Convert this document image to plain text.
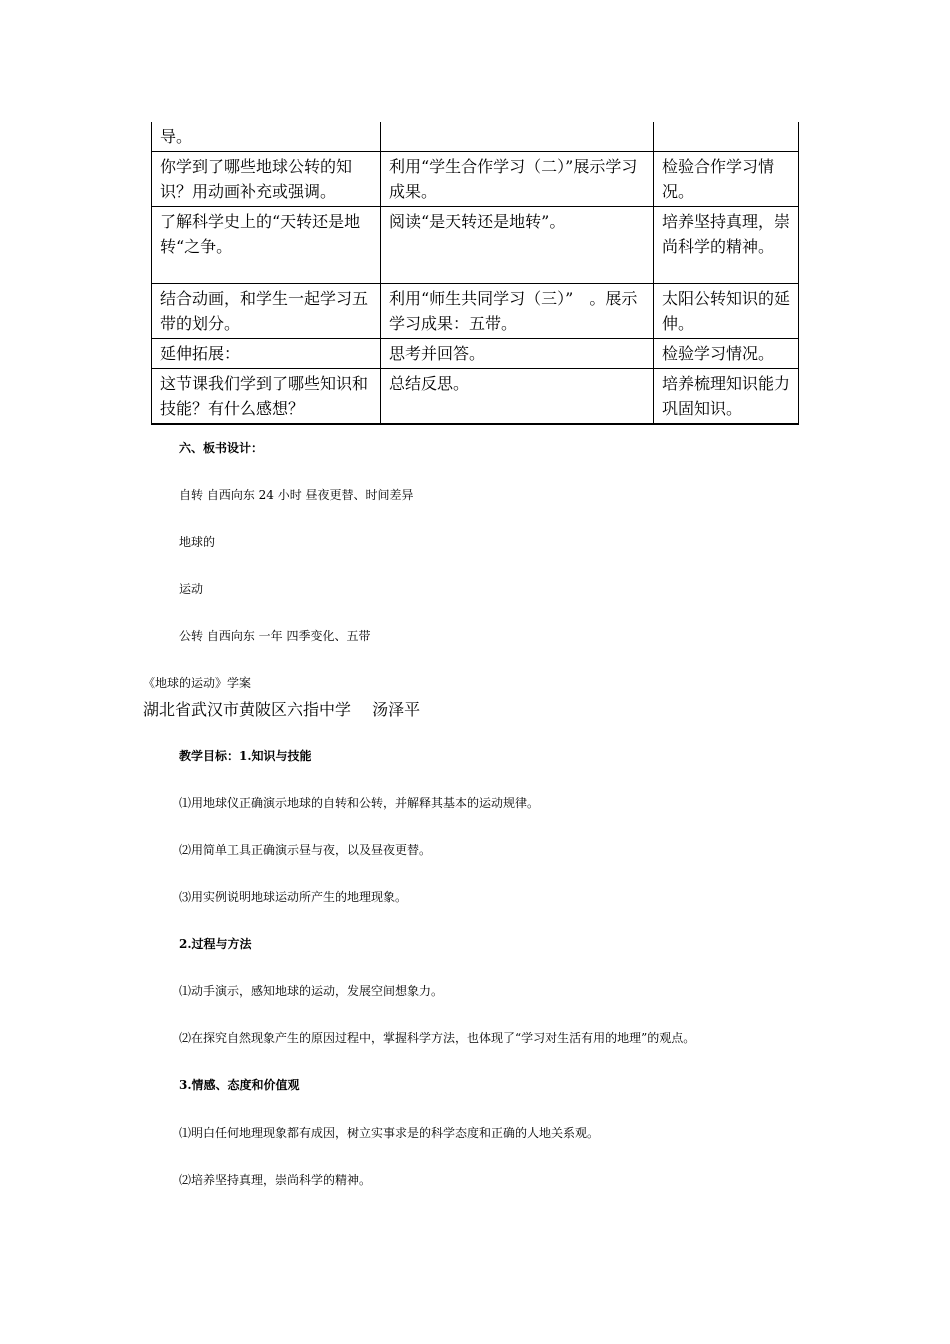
导。		
你学到了哪些地球公转的知识？用动画补充或强调。	利用“学生合作学习（二）”展示学习成果。	检验合作学习情况。
了解科学史上的“天转还是地转“之争。	阅读“是天转还是地转”。	培养坚持真理，崇尚科学的精神。
结合动画，和学生一起学习五带的划分。	利用“师生共同学习（三）”　。展示学习成果：五带。	太阳公转知识的延伸。
延伸拓展：	思考并回答。	检验学习情况。
这节课我们学到了哪些知识和技能？有什么感想？	总结反思。	培养梳理知识能力巩固知识。
六、板书设计：
自转 自西向东 24 小时 昼夜更替、时间差异
地球的
运动
公转 自西向东 一年 四季变化、五带
《地球的运动》学案
湖北省武汉市黄陂区六指中学　 汤泽平
教学目标：1.知识与技能
⑴用地球仪正确演示地球的自转和公转，并解释其基本的运动规律。
⑵用简单工具正确演示昼与夜，以及昼夜更替。
⑶用实例说明地球运动所产生的地理现象。
2.过程与方法
⑴动手演示，感知地球的运动，发展空间想象力。
⑵在探究自然现象产生的原因过程中，掌握科学方法，也体现了“学习对生活有用的地理”的观点。
3.情感、态度和价值观
⑴明白任何地理现象都有成因，树立实事求是的科学态度和正确的人地关系观。
⑵培养坚持真理，崇尚科学的精神。
